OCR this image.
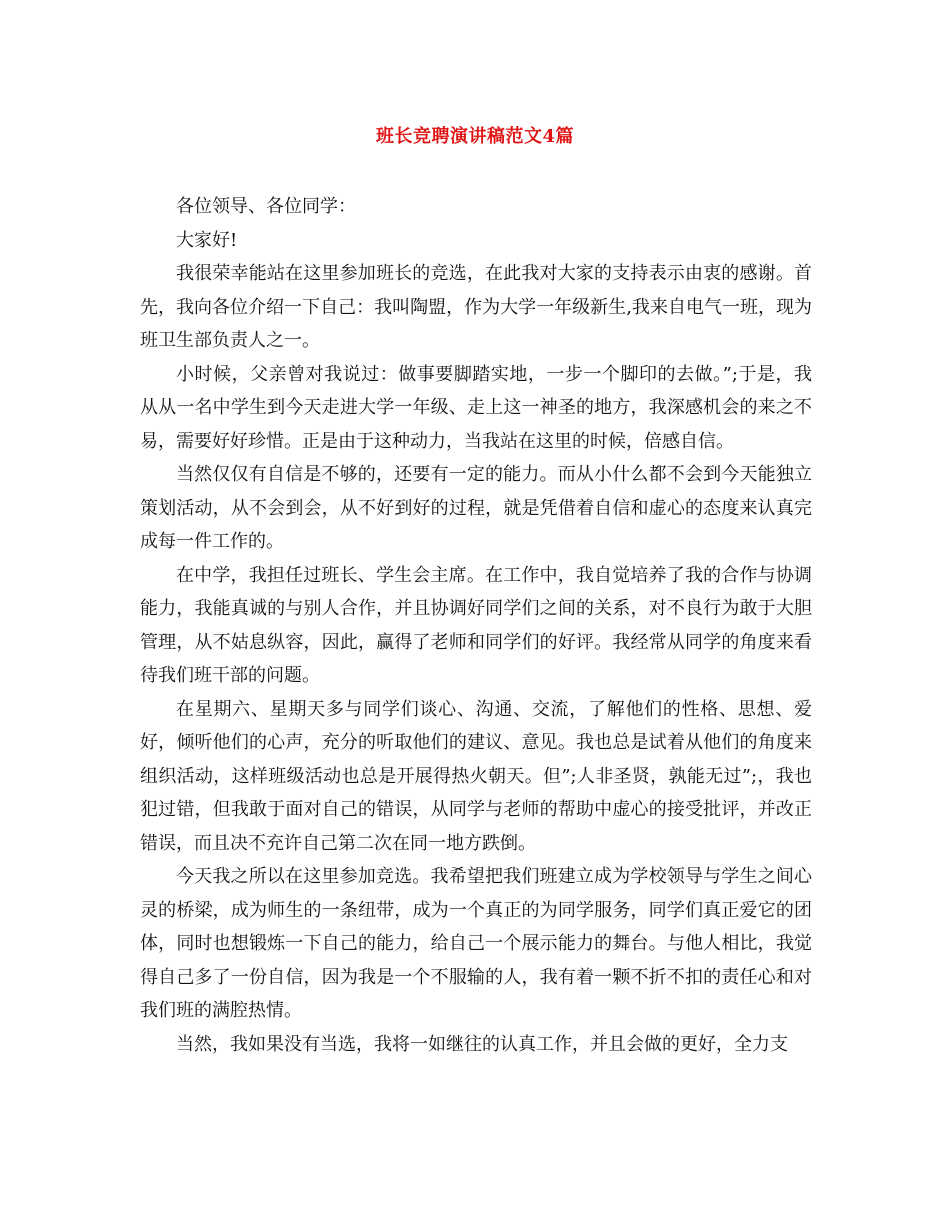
班长竞聘演讲稿范文4篇

各位领导、各位同学：

大家好!

我很荣幸能站在这里参加班长的竞选，在此我对大家的支持表示由衷的感谢。首先，我向各位介绍一下自己：我叫陶盟，作为大学一年级新生,我来自电气一班，现为班卫生部负责人之一。

小时候，父亲曾对我说过：做事要脚踏实地，一步一个脚印的去做。”;于是，我从从一名中学生到今天走进大学一年级、走上这一神圣的地方，我深感机会的来之不易，需要好好珍惜。正是由于这种动力，当我站在这里的时候，倍感自信。

当然仅仅有自信是不够的，还要有一定的能力。而从小什么都不会到今天能独立策划活动，从不会到会，从不好到好的过程，就是凭借着自信和虚心的态度来认真完成每一件工作的。

在中学，我担任过班长、学生会主席。在工作中，我自觉培养了我的合作与协调能力，我能真诚的与别人合作，并且协调好同学们之间的关系，对不良行为敢于大胆管理，从不姑息纵容，因此，赢得了老师和同学们的好评。我经常从同学的角度来看待我们班干部的问题。

在星期六、星期天多与同学们谈心、沟通、交流，了解他们的性格、思想、爱好，倾听他们的心声，充分的听取他们的建议、意见。我也总是试着从他们的角度来组织活动，这样班级活动也总是开展得热火朝天。但”;人非圣贤，孰能无过”;，我也犯过错，但我敢于面对自己的错误，从同学与老师的帮助中虚心的接受批评，并改正错误，而且决不充许自己第二次在同一地方跌倒。

今天我之所以在这里参加竞选。我希望把我们班建立成为学校领导与学生之间心灵的桥梁，成为师生的一条纽带，成为一个真正的为同学服务，同学们真正爱它的团体，同时也想锻炼一下自己的能力，给自己一个展示能力的舞台。与他人相比，我觉得自己多了一份自信，因为我是一个不服输的人，我有着一颗不折不扣的责任心和对我们班的满腔热情。

当然，我如果没有当选，我将一如继往的认真工作，并且会做的更好，全力支
